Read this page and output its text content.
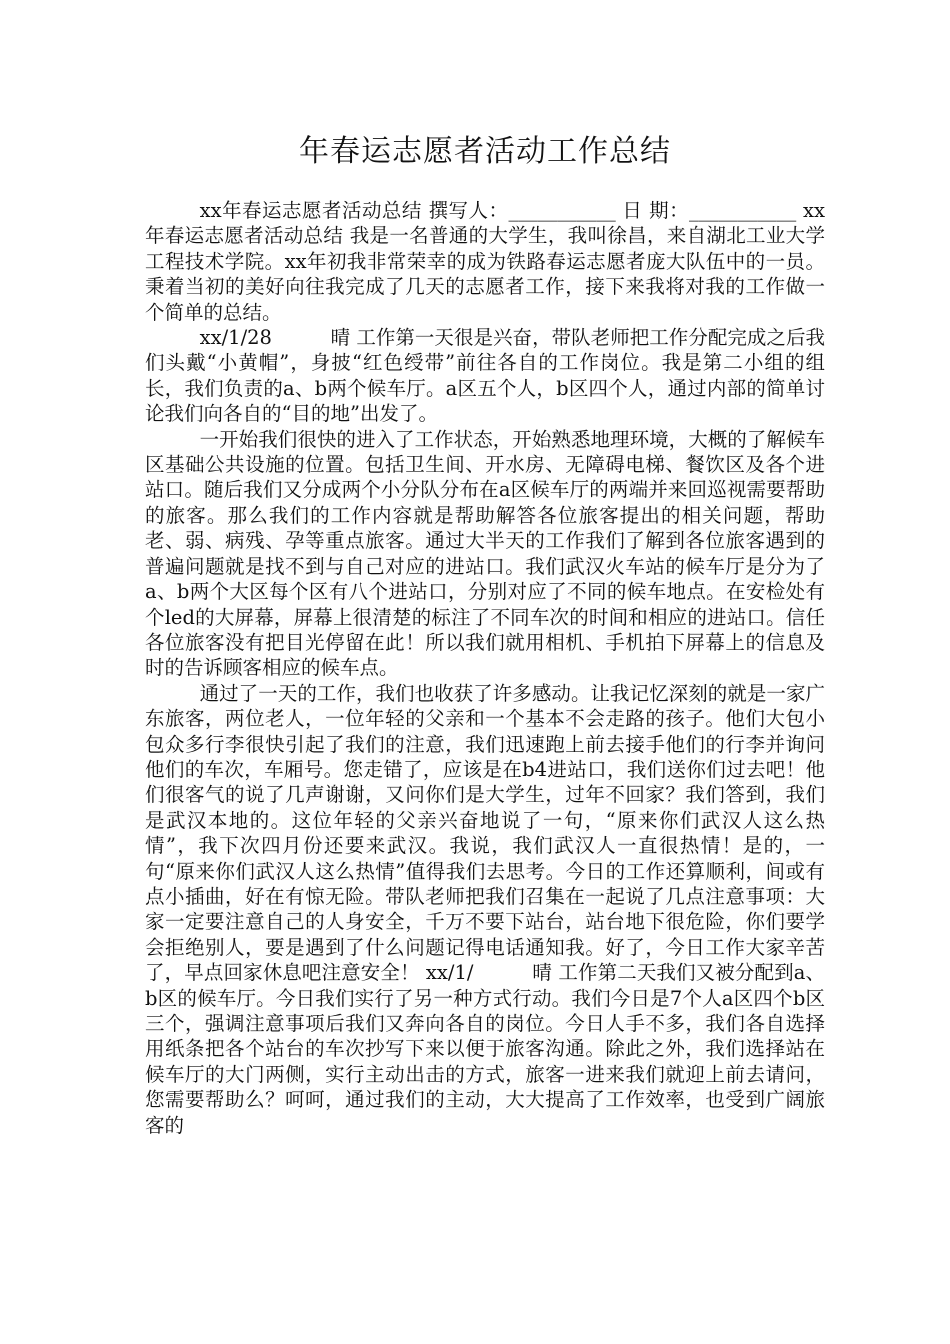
年春运志愿者活动工作总结

xx年春运志愿者活动总结 撰写人：___________ 日 期：___________ xx年春运志愿者活动总结 我是一名普通的大学生，我叫徐昌，来自湖北工业大学工程技术学院。xx年初我非常荣幸的成为铁路春运志愿者庞大队伍中的一员。秉着当初的美好向往我完成了几天的志愿者工作，接下来我将对我的工作做一个简单的总结。

xx/1/28　　　晴 工作第一天很是兴奋，带队老师把工作分配完成之后我们头戴“小黄帽”，身披“红色绶带”前往各自的工作岗位。我是第二小组的组长，我们负责的a、b两个候车厅。a区五个人，b区四个人，通过内部的简单讨论我们向各自的“目的地”出发了。

一开始我们很快的进入了工作状态，开始熟悉地理环境，大概的了解候车区基础公共设施的位置。包括卫生间、开水房、无障碍电梯、餐饮区及各个进站口。随后我们又分成两个小分队分布在a区候车厅的两端并来回巡视需要帮助的旅客。那么我们的工作内容就是帮助解答各位旅客提出的相关问题，帮助老、弱、病残、孕等重点旅客。通过大半天的工作我们了解到各位旅客遇到的普遍问题就是找不到与自己对应的进站口。我们武汉火车站的候车厅是分为了a、b两个大区每个区有八个进站口，分别对应了不同的候车地点。在安检处有个led的大屏幕，屏幕上很清楚的标注了不同车次的时间和相应的进站口。信任各位旅客没有把目光停留在此！所以我们就用相机、手机拍下屏幕上的信息及时的告诉顾客相应的候车点。

通过了一天的工作，我们也收获了许多感动。让我记忆深刻的就是一家广东旅客，两位老人，一位年轻的父亲和一个基本不会走路的孩子。他们大包小包众多行李很快引起了我们的注意，我们迅速跑上前去接手他们的行李并询问他们的车次，车厢号。您走错了，应该是在b4进站口，我们送你们过去吧！他们很客气的说了几声谢谢，又问你们是大学生，过年不回家？我们答到，我们是武汉本地的。这位年轻的父亲兴奋地说了一句，“原来你们武汉人这么热情”，我下次四月份还要来武汉。我说，我们武汉人一直很热情！是的，一句“原来你们武汉人这么热情”值得我们去思考。今日的工作还算顺利，间或有点小插曲，好在有惊无险。带队老师把我们召集在一起说了几点注意事项：大家一定要注意自己的人身安全，千万不要下站台，站台地下很危险，你们要学会拒绝别人，要是遇到了什么问题记得电话通知我。好了，今日工作大家辛苦了，早点回家休息吧注意安全！ xx/1/　　　晴 工作第二天我们又被分配到a、b区的候车厅。今日我们实行了另一种方式行动。我们今日是7个人a区四个b区三个，强调注意事项后我们又奔向各自的岗位。今日人手不多，我们各自选择用纸条把各个站台的车次抄写下来以便于旅客沟通。除此之外，我们选择站在候车厅的大门两侧，实行主动出击的方式，旅客一进来我们就迎上前去请问，您需要帮助么？呵呵，通过我们的主动，大大提高了工作效率，也受到广阔旅客的
